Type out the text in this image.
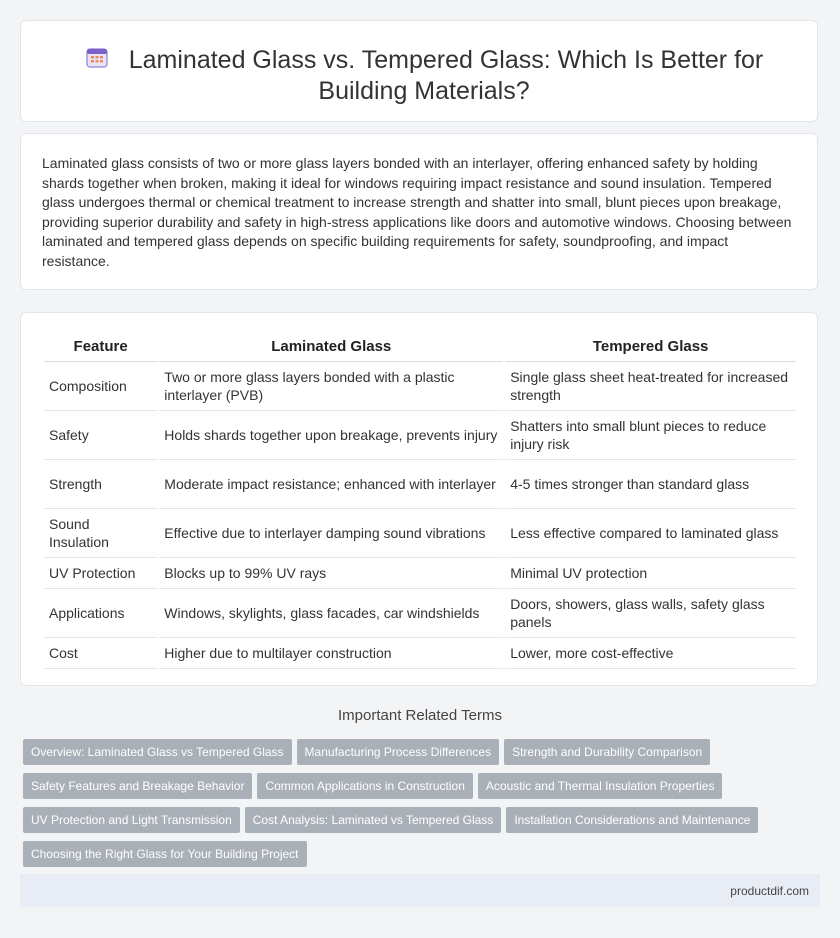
Laminated Glass vs. Tempered Glass: Which Is Better for Building Materials?

Laminated glass consists of two or more glass layers bonded with an interlayer, offering enhanced safety by holding shards together when broken, making it ideal for windows requiring impact resistance and sound insulation. Tempered glass undergoes thermal or chemical treatment to increase strength and shatter into small, blunt pieces upon breakage, providing superior durability and safety in high-stress applications like doors and automotive windows. Choosing between laminated and tempered glass depends on specific building requirements for safety, soundproofing, and impact resistance.

Feature	Laminated Glass	Tempered Glass
Composition	Two or more glass layers bonded with a plastic interlayer (PVB)	Single glass sheet heat-treated for increased strength
Safety	Holds shards together upon breakage, prevents injury	Shatters into small blunt pieces to reduce injury risk
Strength	Moderate impact resistance; enhanced with interlayer	4-5 times stronger than standard glass
Sound Insulation	Effective due to interlayer damping sound vibrations	Less effective compared to laminated glass
UV Protection	Blocks up to 99% UV rays	Minimal UV protection
Applications	Windows, skylights, glass facades, car windshields	Doors, showers, glass walls, safety glass panels
Cost	Higher due to multilayer construction	Lower, more cost-effective
Important Related Terms
Overview: Laminated Glass vs Tempered Glass Manufacturing Process Differences Strength and Durability ComparisonSafety Features and Breakage Behavior Common Applications in Construction Acoustic and Thermal Insulation PropertiesUV Protection and Light Transmission Cost Analysis: Laminated vs Tempered Glass Installation Considerations and MaintenanceChoosing the Right Glass for Your Building Project
productdif.com
